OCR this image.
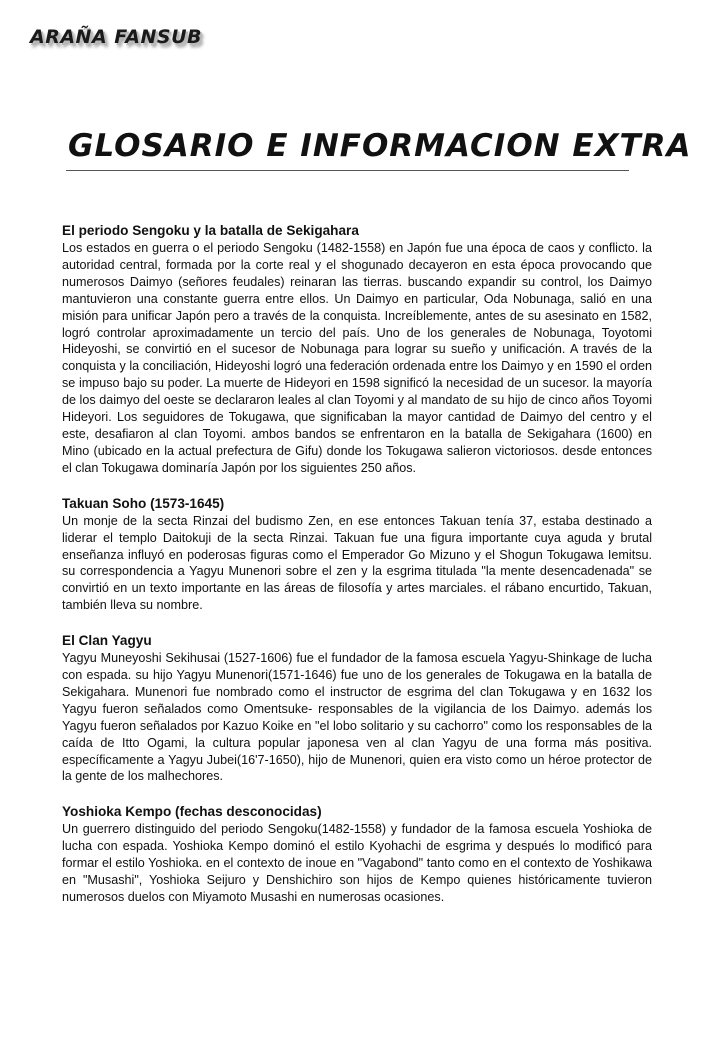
ARAÑA FANSUB
GLOSARIO E INFORMACION EXTRA
El periodo Sengoku y la batalla de Sekigahara

Los estados en guerra o el periodo Sengoku (1482-1558) en Japón fue una época de caos y conflicto. la autoridad central, formada por la corte real y el shogunado decayeron en esta época provocando que numerosos Daimyo (señores feudales) reinaran las tierras. buscando expandir su control, los Daimyo mantuvieron una constante guerra entre ellos. Un Daimyo en particular, Oda Nobunaga, salió en una misión para unificar Japón pero a través de la conquista. Increíblemente, antes de su asesinato en 1582, logró controlar aproximadamente un tercio del país. Uno de los generales de Nobunaga, Toyotomi Hideyoshi, se convirtió en el sucesor de Nobunaga para lograr su sueño y unificación. A través de la conquista y la conciliación, Hideyoshi logró una federación ordenada entre los Daimyo y en 1590 el orden se impuso bajo su poder. La muerte de Hideyori en 1598 significó la necesidad de un sucesor. la mayoría de los daimyo del oeste se declararon leales al clan Toyomi y al mandato de su hijo de cinco años Toyomi Hideyori. Los seguidores de Tokugawa, que significaban la mayor cantidad de Daimyo del centro y el este, desafiaron al clan Toyomi. ambos bandos se enfrentaron en la batalla de Sekigahara (1600) en Mino (ubicado en la actual prefectura de Gifu) donde los Tokugawa salieron victoriosos. desde entonces el clan Tokugawa dominaría Japón por los siguientes 250 años.

Takuan Soho (1573-1645)

Un monje de la secta Rinzai del budismo Zen, en ese entonces Takuan tenía 37, estaba destinado a liderar el templo Daitokuji de la secta Rinzai. Takuan fue una figura importante cuya aguda y brutal enseñanza influyó en poderosas figuras como el Emperador Go Mizuno y el Shogun Tokugawa Iemitsu. su correspondencia a Yagyu Munenori sobre el zen y la esgrima titulada "la mente desencadenada" se convirtió en un texto importante en las áreas de filosofía y artes marciales. el rábano encurtido, Takuan, también lleva su nombre.

El Clan Yagyu

Yagyu Muneyoshi Sekihusai (1527-1606) fue el fundador de la famosa escuela Yagyu-Shinkage de lucha con espada. su hijo Yagyu Munenori(1571-1646) fue uno de los generales de Tokugawa en la batalla de Sekigahara. Munenori fue nombrado como el instructor de esgrima del clan Tokugawa y en 1632 los Yagyu fueron señalados como Omentsuke- responsables de la vigilancia de los Daimyo. además los Yagyu fueron señalados por Kazuo Koike en "el lobo solitario y su cachorro" como los responsables de la caída de Itto Ogami, la cultura popular japonesa ven al clan Yagyu de una forma más positiva. específicamente a Yagyu Jubei(16'7-1650), hijo de Munenori, quien era visto como un héroe protector de la gente de los malhechores.

Yoshioka Kempo (fechas desconocidas)

Un guerrero distinguido del periodo Sengoku(1482-1558) y fundador de la famosa escuela Yoshioka de lucha con espada. Yoshioka Kempo dominó el estilo Kyohachi de esgrima y después lo modificó para formar el estilo Yoshioka. en el contexto de inoue en "Vagabond" tanto como en el contexto de Yoshikawa en "Musashi", Yoshioka Seijuro y Denshichiro son hijos de Kempo quienes históricamente tuvieron numerosos duelos con Miyamoto Musashi en numerosas ocasiones.
